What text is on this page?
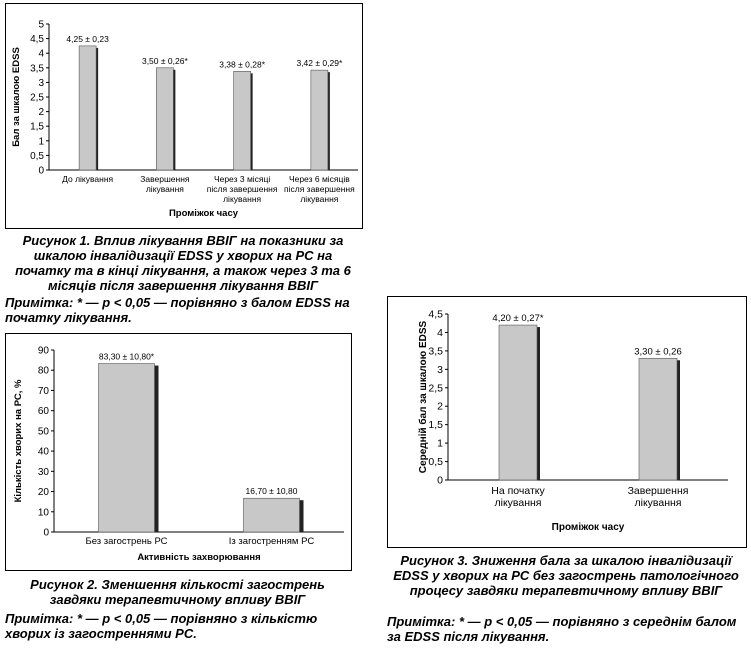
0
0,5
1
1,5
2
2,5
3
3,5
4
4,5
5
4,25 ± 0,23
До лікування
3,50 ± 0,26*
Завершення
лікування
3,38 ± 0,28*
Через 3 місяці
після завершення
лікування
3,42 ± 0,29*
Через 6 місяців
після завершення
лікування
Проміжок часу
Бал за шкалою EDSS
Рисунок 1. Вплив лікування ВВІГ на показники за шкалою інвалідизації EDSS у хворих на РС на початку та в кінці лікування, а також через 3 та 6 місяців після завершення лікування ВВІГ
Примітка: * — p < 0,05 — порівняно з балом EDSS на початку лікування.
0
10
20
30
40
50
60
70
80
90
83,30 ± 10,80*
Без загострень РС
16,70 ± 10,80
Із загостренням РС
Активність захворювання
Кількість хворих на РС, %
Рисунок 2. Зменшення кількості загострень завдяки терапевтичному впливу ВВІГ
Примітка: * — p < 0,05 — порівняно з кількістю хворих із загостреннями РС.
0
0,5
1
1,5
2
2,5
3
3,5
4
4,5	4,20 ± 0,27*
На початку
лікування
3,30 ± 0,26
Завершення
лікування
Проміжок часу
Середній бал за шкалою EDSS
Рисунок 3. Зниження бала за шкалою інвалідизації EDSS у хворих на РС без загострень патологічного процесу завдяки терапевтичному впливу ВВІГ
Примітка: * — p < 0,05 — порівняно з середнім балом за EDSS після лікування.
